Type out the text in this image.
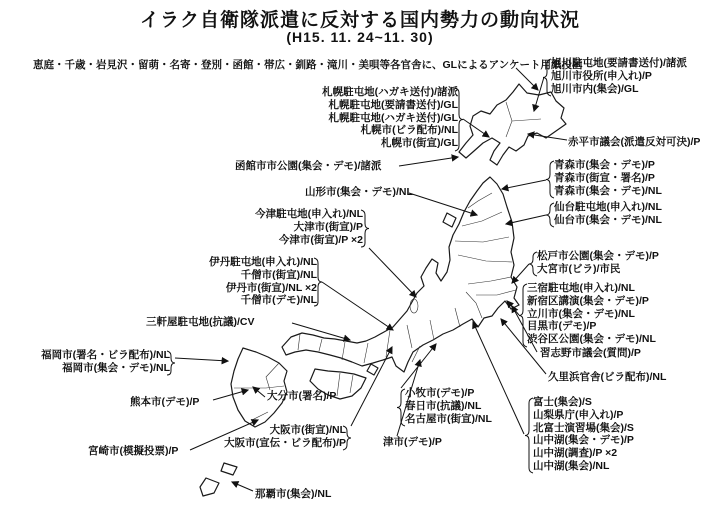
イラク自衛隊派遣に反対する国内勢力の動向状況
(H15. 11. 24~11. 30)
恵庭・千歳・岩見沢・留萌・名寄・登別・函館・帯広・釧路・滝川・美唄等各官舎に、GLによるアンケート用紙投函
旭川駐屯地(要請書送付)/諸派
旭川市役所(申入れ)/P
旭川市内(集会)/GL
赤平市議会(派遣反対可決)/P
青森市(集会・デモ)/P
青森市(街宣・署名)/P
青森市(集会・デモ)/NL
仙台駐屯地(申入れ)/NL
仙台市(集会・デモ)/NL
松戸市公園(集会・デモ)/P
大宮市(ビラ)/市民
三宿駐屯地(申入れ)/NL
新宿区講演(集会・デモ)/P
立川市(集会・デモ)/NL
目黒市(デモ)/P
渋谷区公園(集会・デモ)/NL
習志野市議会(質問)/P
久里浜官舎(ビラ配布)/NL
富士(集会)/S
山梨県庁(申入れ)/P
北富士演習場(集会)/S
山中湖(集会・デモ)/P
山中湖(調査)/P ×2
山中湖(集会)/NL
札幌駐屯地(ハガキ送付)/諸派
札幌駐屯地(要請書送付)/GL
札幌駐屯地(ハガキ送付)/GL
札幌市(ビラ配布)/NL
札幌市(街宣)/GL
函館市市公園(集会・デモ)/諸派
山形市(集会・デモ)/NL
今津駐屯地(申入れ)/NL
大津市(街宣)/P
今津市(街宣)/P ×2
伊丹駐屯地(申入れ)/NL
千僧市(街宣)/NL
伊丹市(街宣)/NL ×2
千僧市(デモ)/NL
三軒屋駐屯地(抗議)/CV
福岡市(署名・ビラ配布)/NL
福岡市(集会・デモ)/NL
熊本市(デモ)/P	大分市(署名)/P	小牧市(デモ)/P
春日市(抗議)/NL
名古屋市(街宣)/NL
大阪市(街宣)/NL
大阪市(宣伝・ビラ配布)/P	津市(デモ)/P
宮崎市(模擬投票)/P
那覇市(集会)/NL
